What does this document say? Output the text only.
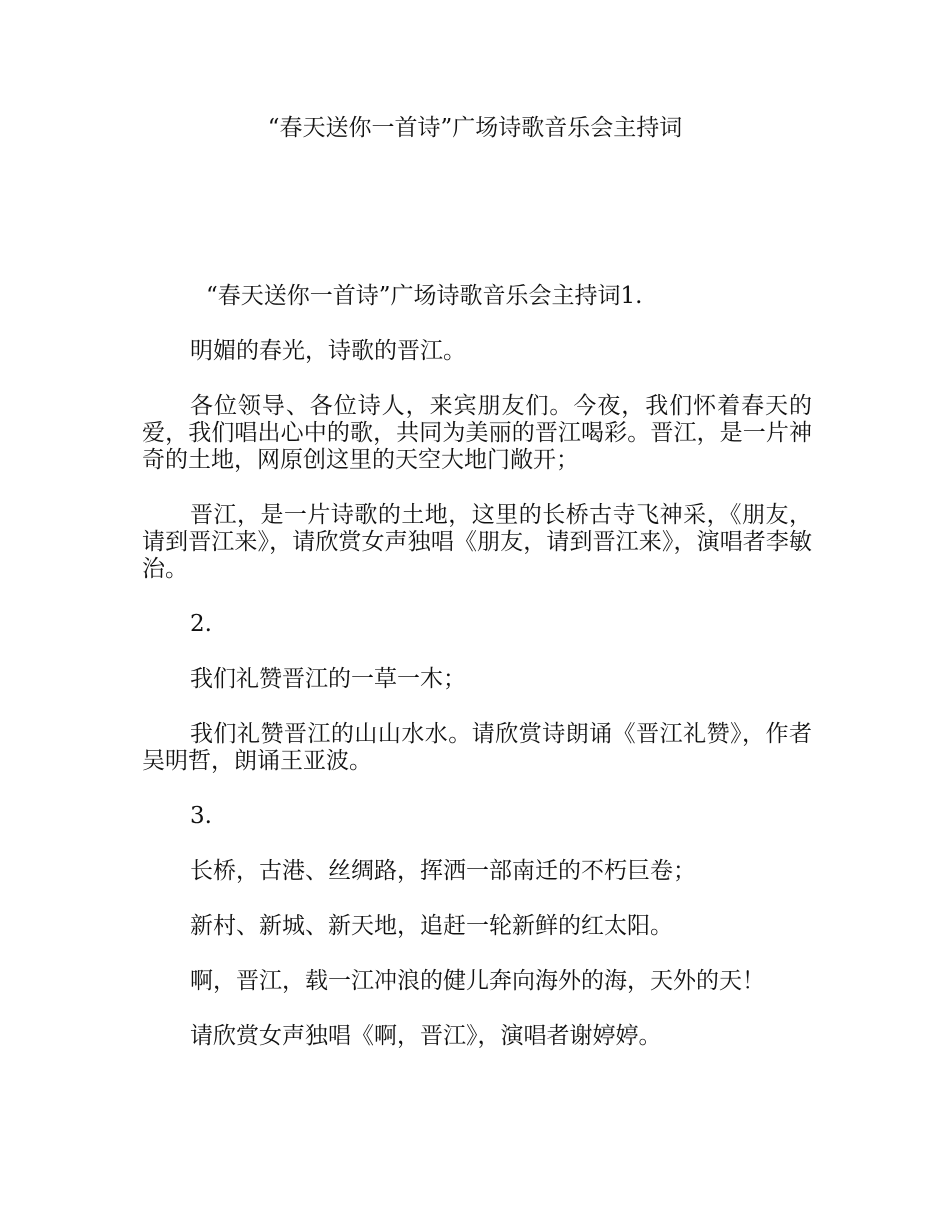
“春天送你一首诗”广场诗歌音乐会主持词

“春天送你一首诗”广场诗歌音乐会主持词1.

明媚的春光，诗歌的晋江。

各位领导、各位诗人，来宾朋友们。今夜，我们怀着春天的爱，我们唱出心中的歌，共同为美丽的晋江喝彩。晋江，是一片神奇的土地，网原创这里的天空大地门敞开；

晋江，是一片诗歌的土地，这里的长桥古寺飞神采，《朋友，请到晋江来》，请欣赏女声独唱《朋友，请到晋江来》，演唱者李敏治。

2.

我们礼赞晋江的一草一木；

我们礼赞晋江的山山水水。请欣赏诗朗诵《晋江礼赞》，作者吴明哲，朗诵王亚波。

3.

长桥，古港、丝绸路，挥洒一部南迁的不朽巨卷；

新村、新城、新天地，追赶一轮新鲜的红太阳。

啊，晋江，载一江冲浪的健儿奔向海外的海，天外的天！

请欣赏女声独唱《啊，晋江》，演唱者谢婷婷。
